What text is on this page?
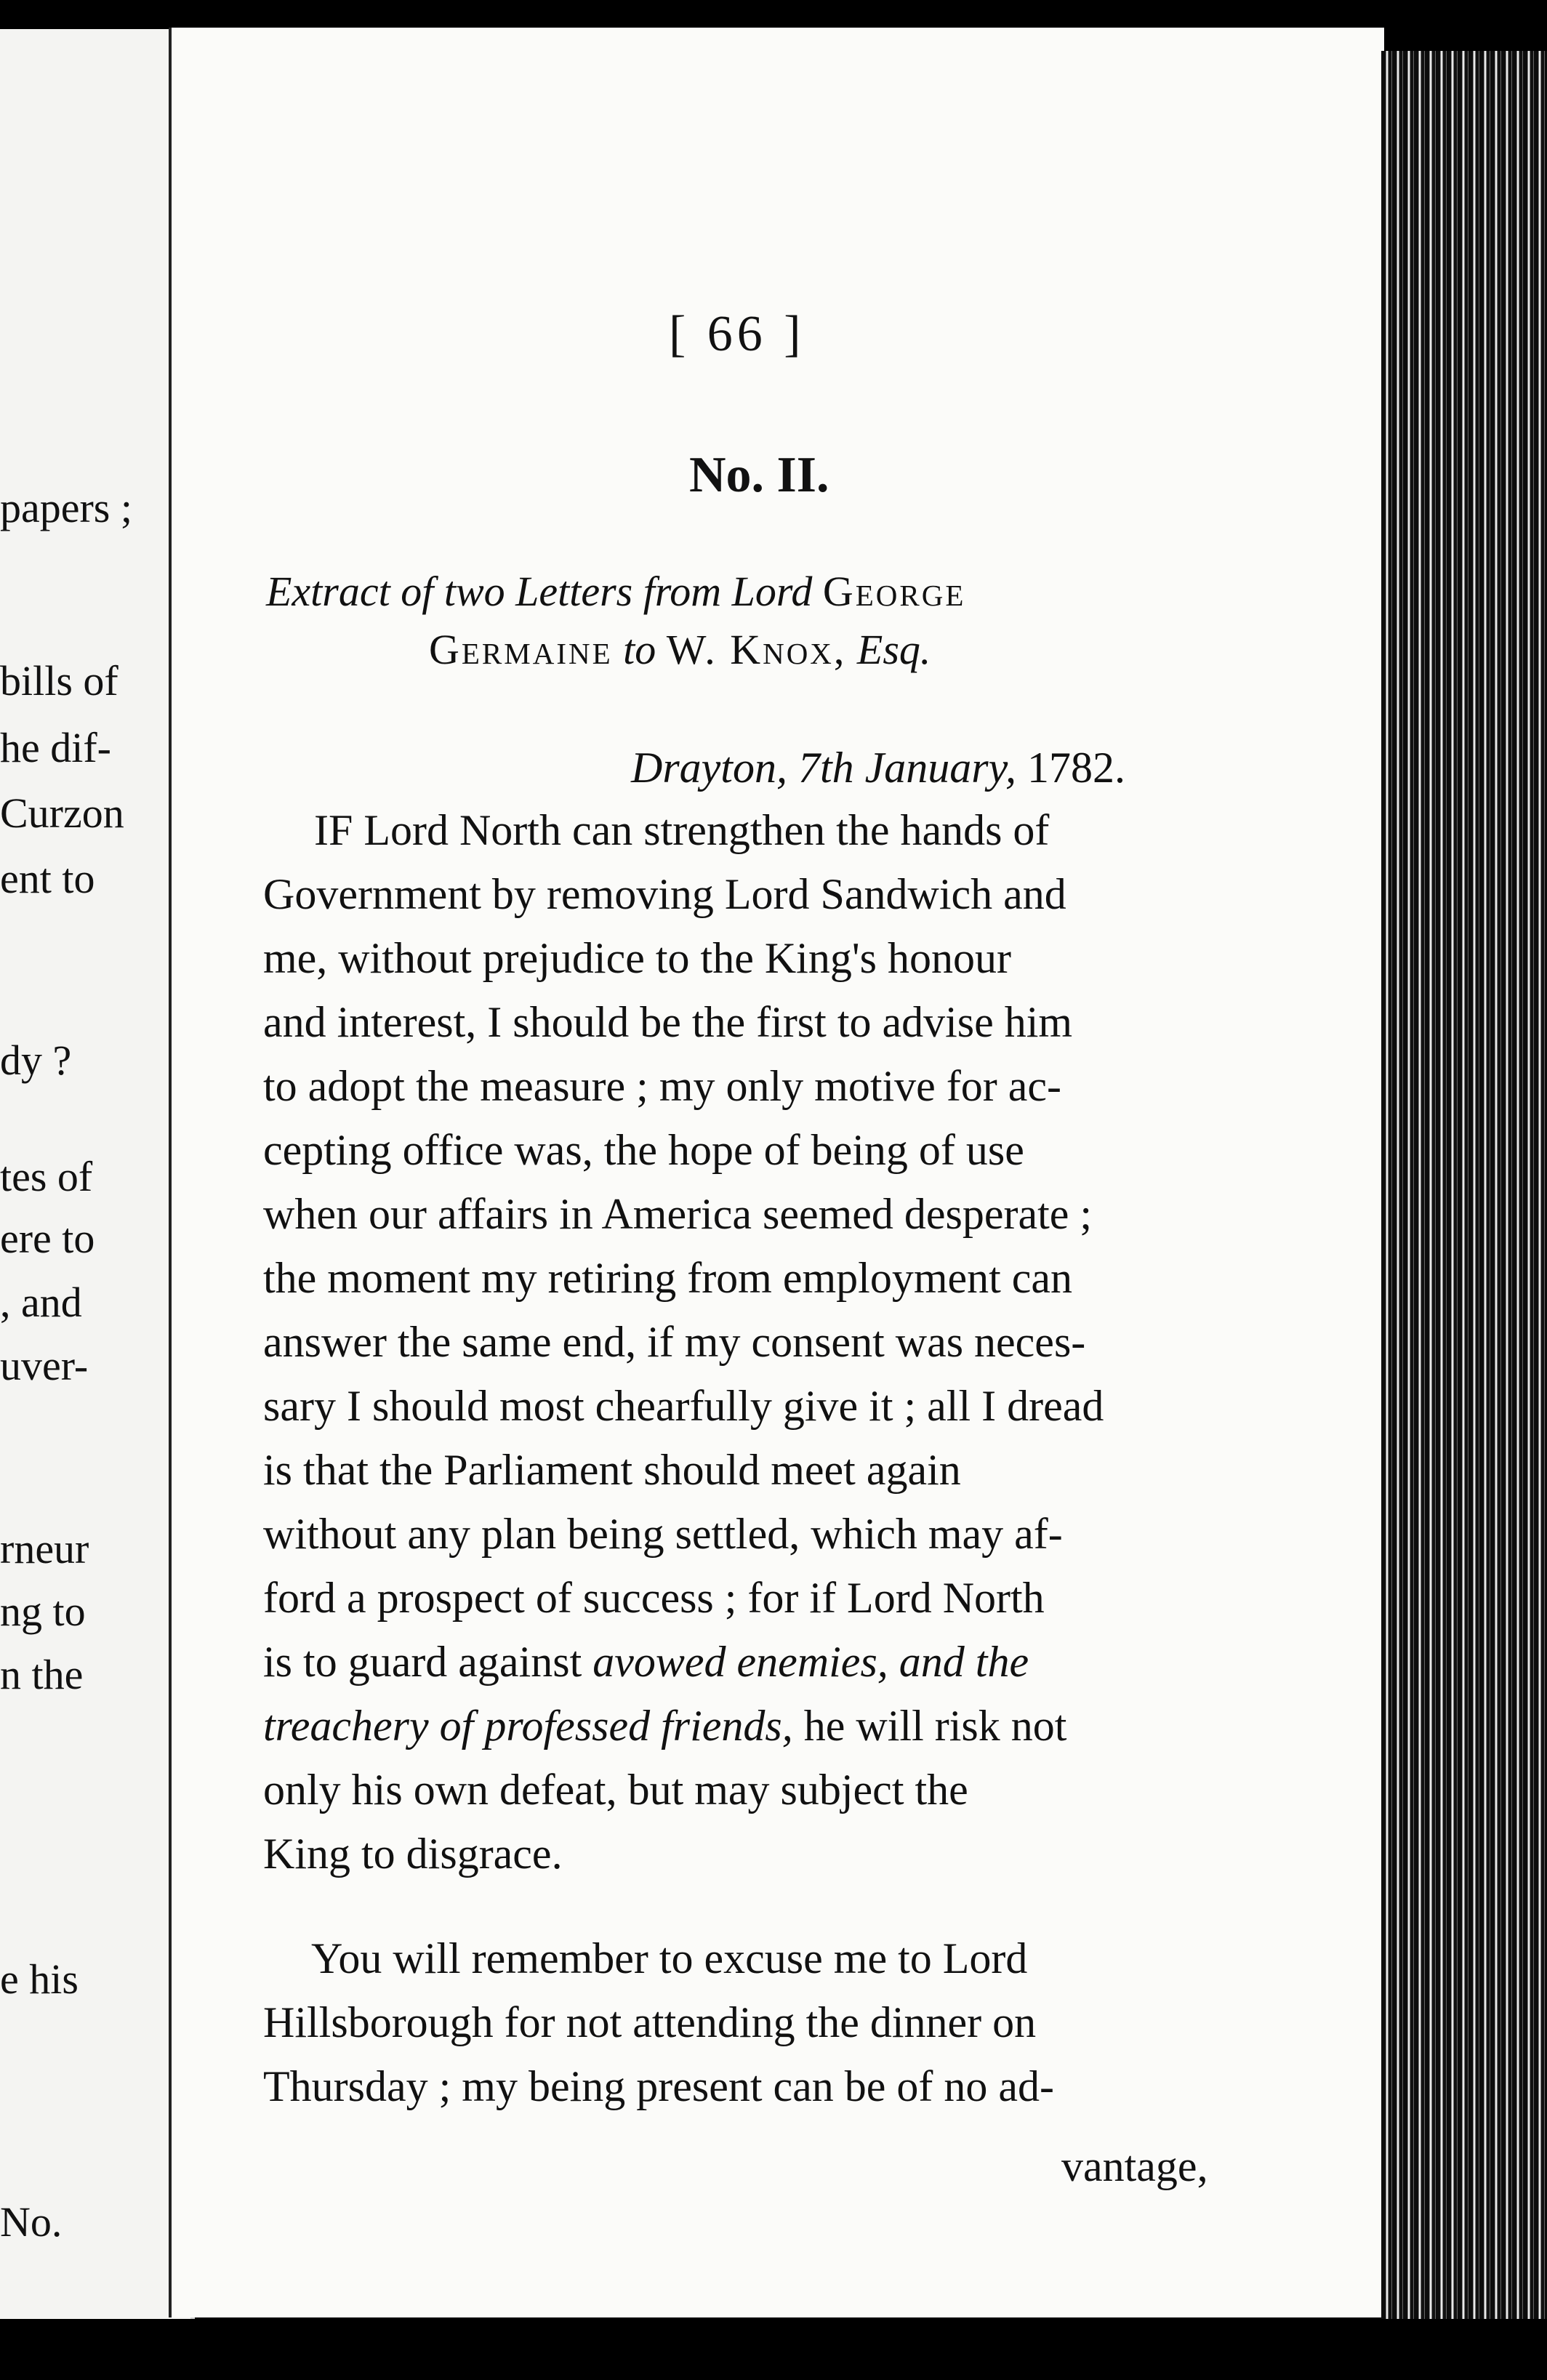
papers ;
bills of
he dif-
Curzon
ent to
dy ?
tes of
ere to
, and
uver-
rneur
ng to
n the
e his
No.
[ 66 ]
No. II.
Extract of two Letters from Lord George
Germaine to W. Knox, Esq.
Drayton, 7th January, 1782.
IF Lord North can strengthen the hands of
Government by removing Lord Sandwich and
me, without prejudice to the King's honour
and interest, I should be the first to advise him
to adopt the measure ; my only motive for ac-
cepting office was, the hope of being of use
when our affairs in America seemed desperate ;
the moment my retiring from employment can
answer the same end, if my consent was neces-
sary I should most chearfully give it ; all I dread
is that the Parliament should meet again
without any plan being settled, which may af-
ford a prospect of success ; for if Lord North
is to guard against avowed enemies, and the
treachery of professed friends, he will risk not
only his own defeat, but may subject the
King to disgrace.
You will remember to excuse me to Lord
Hillsborough for not attending the dinner on
Thursday ; my being present can be of no ad-
vantage,
